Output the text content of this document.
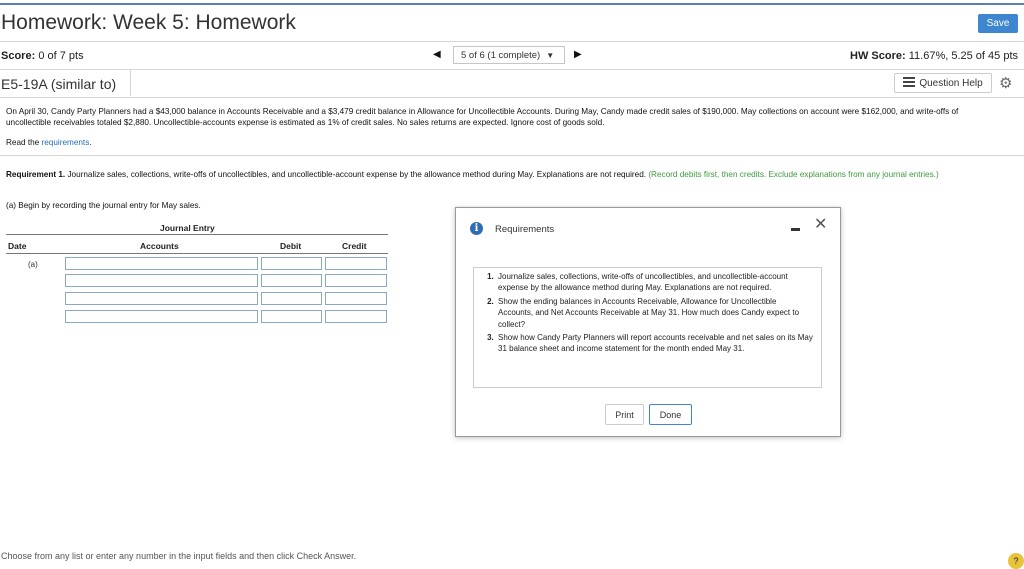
Homework: Week 5: Homework	Save
Score: 0 of 7 pts	◀ 5 of 6 (1 complete) ▼ ▶	HW Score: 11.67%, 5.25 of 45 pts
E5-19A (similar to)	Question Help ⚙
On April 30, Candy Party Planners had a $43,000 balance in Accounts Receivable and a $3,479 credit balance in Allowance for Uncollectible Accounts. During May, Candy made credit sales of $190,000. May collections on account were $162,000, and write-offs of uncollectible receivables totaled $2,880. Uncollectible-accounts expense is estimated as 1% of credit sales. No sales returns are expected. Ignore cost of goods sold.
Read the requirements.
Requirement 1. Journalize sales, collections, write-offs of uncollectibles, and uncollectible-account expense by the allowance method during May. Explanations are not required. (Record debits first, then credits. Exclude explanations from any journal entries.)
(a) Begin by recording the journal entry for May sales.
Journal Entry
Date	Accounts	Debit	Credit
(a)
i	Requirements	✕
1. Journalize sales, collections, write-offs of uncollectibles, and uncollectible-account expense by the allowance method during May. Explanations are not required.
2. Show the ending balances in Accounts Receivable, Allowance for Uncollectible Accounts, and Net Accounts Receivable at May 31. How much does Candy expect to collect?
3. Show how Candy Party Planners will report accounts receivable and net sales on its May 31 balance sheet and income statement for the month ended May 31.
Print	Done
Choose from any list or enter any number in the input fields and then click Check Answer.	?
